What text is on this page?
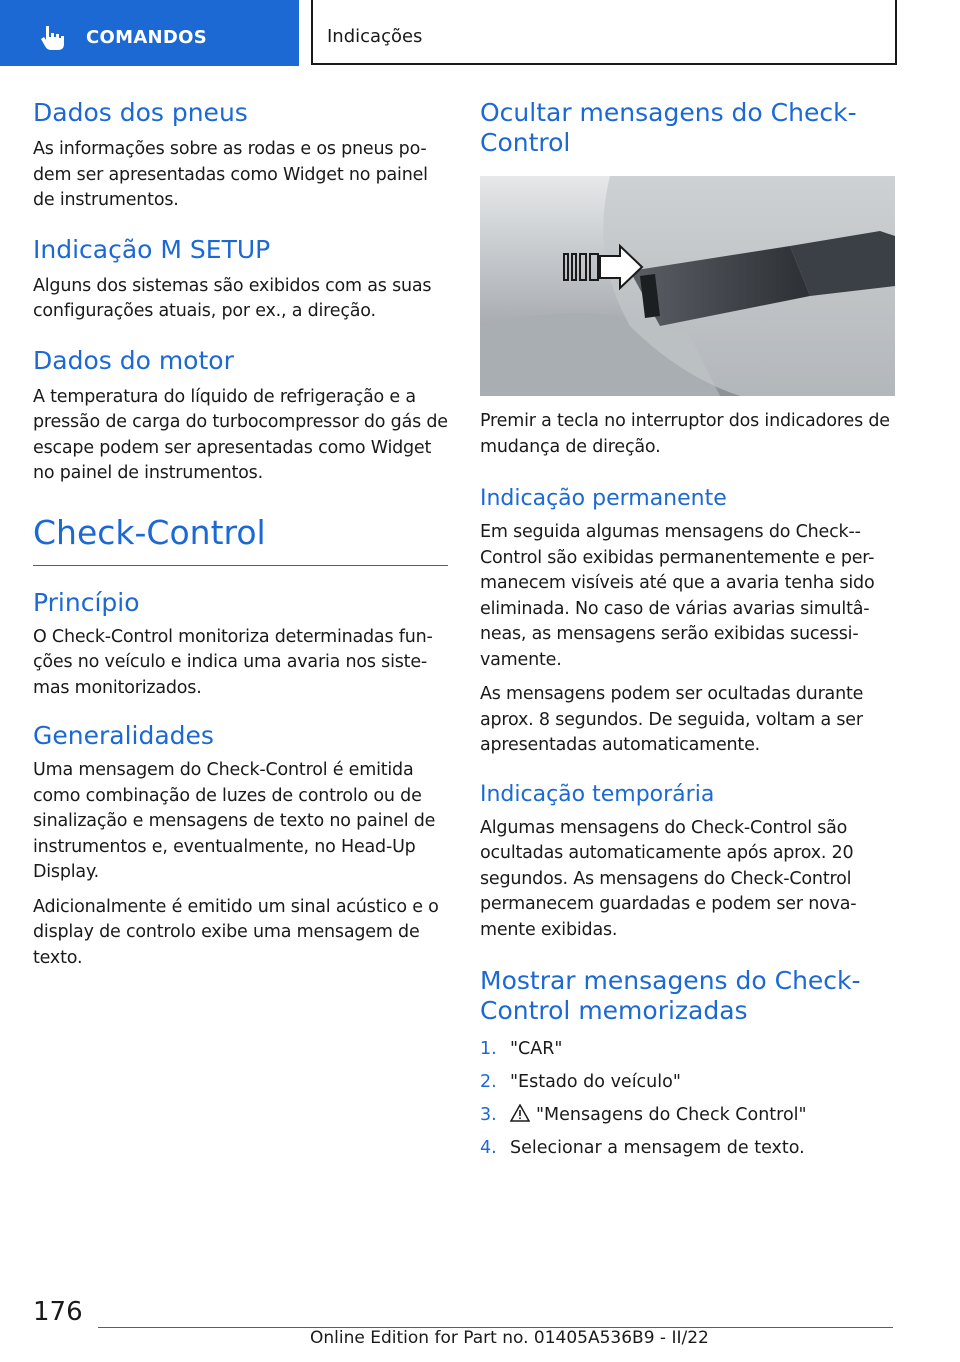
COMANDOS	Indicações
Dados dos pneus

As informações sobre as rodas e os pneus po-dem ser apresentadas como Widget no painel de instrumentos.

Indicação M SETUP

Alguns dos sistemas são exibidos com as suas configurações atuais, por ex., a direção.

Dados do motor

A temperatura do líquido de refrigeração e a pressão de carga do turbocompressor do gás de escape podem ser apresentadas como Widget no painel de instrumentos.

Check-Control
Princípio

O Check-Control monitoriza determinadas fun-ções no veículo e indica uma avaria nos siste-mas monitorizados.

Generalidades

Uma mensagem do Check-Control é emitida como combinação de luzes de controlo ou de sinalização e mensagens de texto no painel de instrumentos e, eventualmente, no Head-Up Display.

Adicionalmente é emitido um sinal acústico e o display de controlo exibe uma mensagem de texto.

Ocultar mensagens do Check-Control

Premir a tecla no interruptor dos indicadores de mudança de direção.

Indicação permanente

Em seguida algumas mensagens do Check--Control são exibidas permanentemente e per-manecem visíveis até que a avaria tenha sido eliminada. No caso de várias avarias simultâ-neas, as mensagens serão exibidas sucessi-vamente.

As mensagens podem ser ocultadas durante aprox. 8 segundos. De seguida, voltam a ser apresentadas automaticamente.

Indicação temporária

Algumas mensagens do Check-Control são ocultadas automaticamente após aprox. 20 segundos. As mensagens do Check-Control permanecem guardadas e podem ser nova-mente exibidas.

Mostrar mensagens do Check-Control memorizadas
1. "CAR"
2. "Estado do veículo"
3. "Mensagens do Check Control"
4. Selecionar a mensagem de texto.
176
Online Edition for Part no. 01405A536B9 - II/22
